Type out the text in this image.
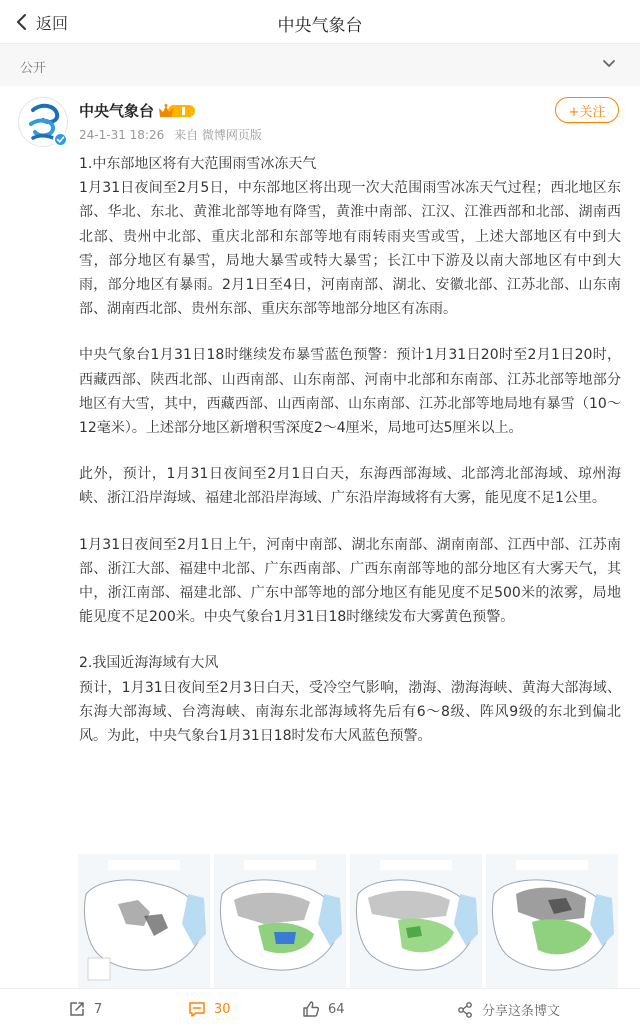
返回	中央气象台
公开
中央气象台
24-1-31 18:26 来自 微博网页版
+关注

1.中东部地区将有大范围雨雪冰冻天气

1月31日夜间至2月5日，中东部地区将出现一次大范围雨雪冰冻天气过程；西北地区东部、华北、东北、黄淮北部等地有降雪，黄淮中南部、江汉、江淮西部和北部、湖南西北部、贵州中北部、重庆北部和东部等地有雨转雨夹雪或雪，上述大部地区有中到大雪，部分地区有暴雪，局地大暴雪或特大暴雪；长江中下游及以南大部地区有中到大雨，部分地区有暴雨。2月1日至4日，河南南部、湖北、安徽北部、江苏北部、山东南部、湖南西北部、贵州东部、重庆东部等地部分地区有冻雨。

中央气象台1月31日18时继续发布暴雪蓝色预警：预计1月31日20时至2月1日20时，西藏西部、陕西北部、山西南部、山东南部、河南中北部和东南部、江苏北部等地部分地区有大雪，其中，西藏西部、山西南部、山东南部、江苏北部等地局地有暴雪（10～12毫米）。上述部分地区新增积雪深度2～4厘米，局地可达5厘米以上。

此外，预计，1月31日夜间至2月1日白天，东海西部海域、北部湾北部海域、琼州海峡、浙江沿岸海域、福建北部沿岸海域、广东沿岸海域将有大雾，能见度不足1公里。

1月31日夜间至2月1日上午，河南中南部、湖北东南部、湖南南部、江西中部、江苏南部、浙江大部、福建中北部、广东西南部、广西东南部等地的部分地区有大雾天气，其中，浙江南部、福建北部、广东中部等地的部分地区有能见度不足500米的浓雾，局地能见度不足200米。中央气象台1月31日18时继续发布大雾黄色预警。

2.我国近海海域有大风

预计，1月31日夜间至2月3日白天，受冷空气影响，渤海、渤海海峡、黄海大部海域、东海大部海域、台湾海峡、南海东北部海域将先后有6～8级、阵风9级的东北到偏北风。为此，中央气象台1月31日18时发布大风蓝色预警。

7	30	64	分享这条博文
